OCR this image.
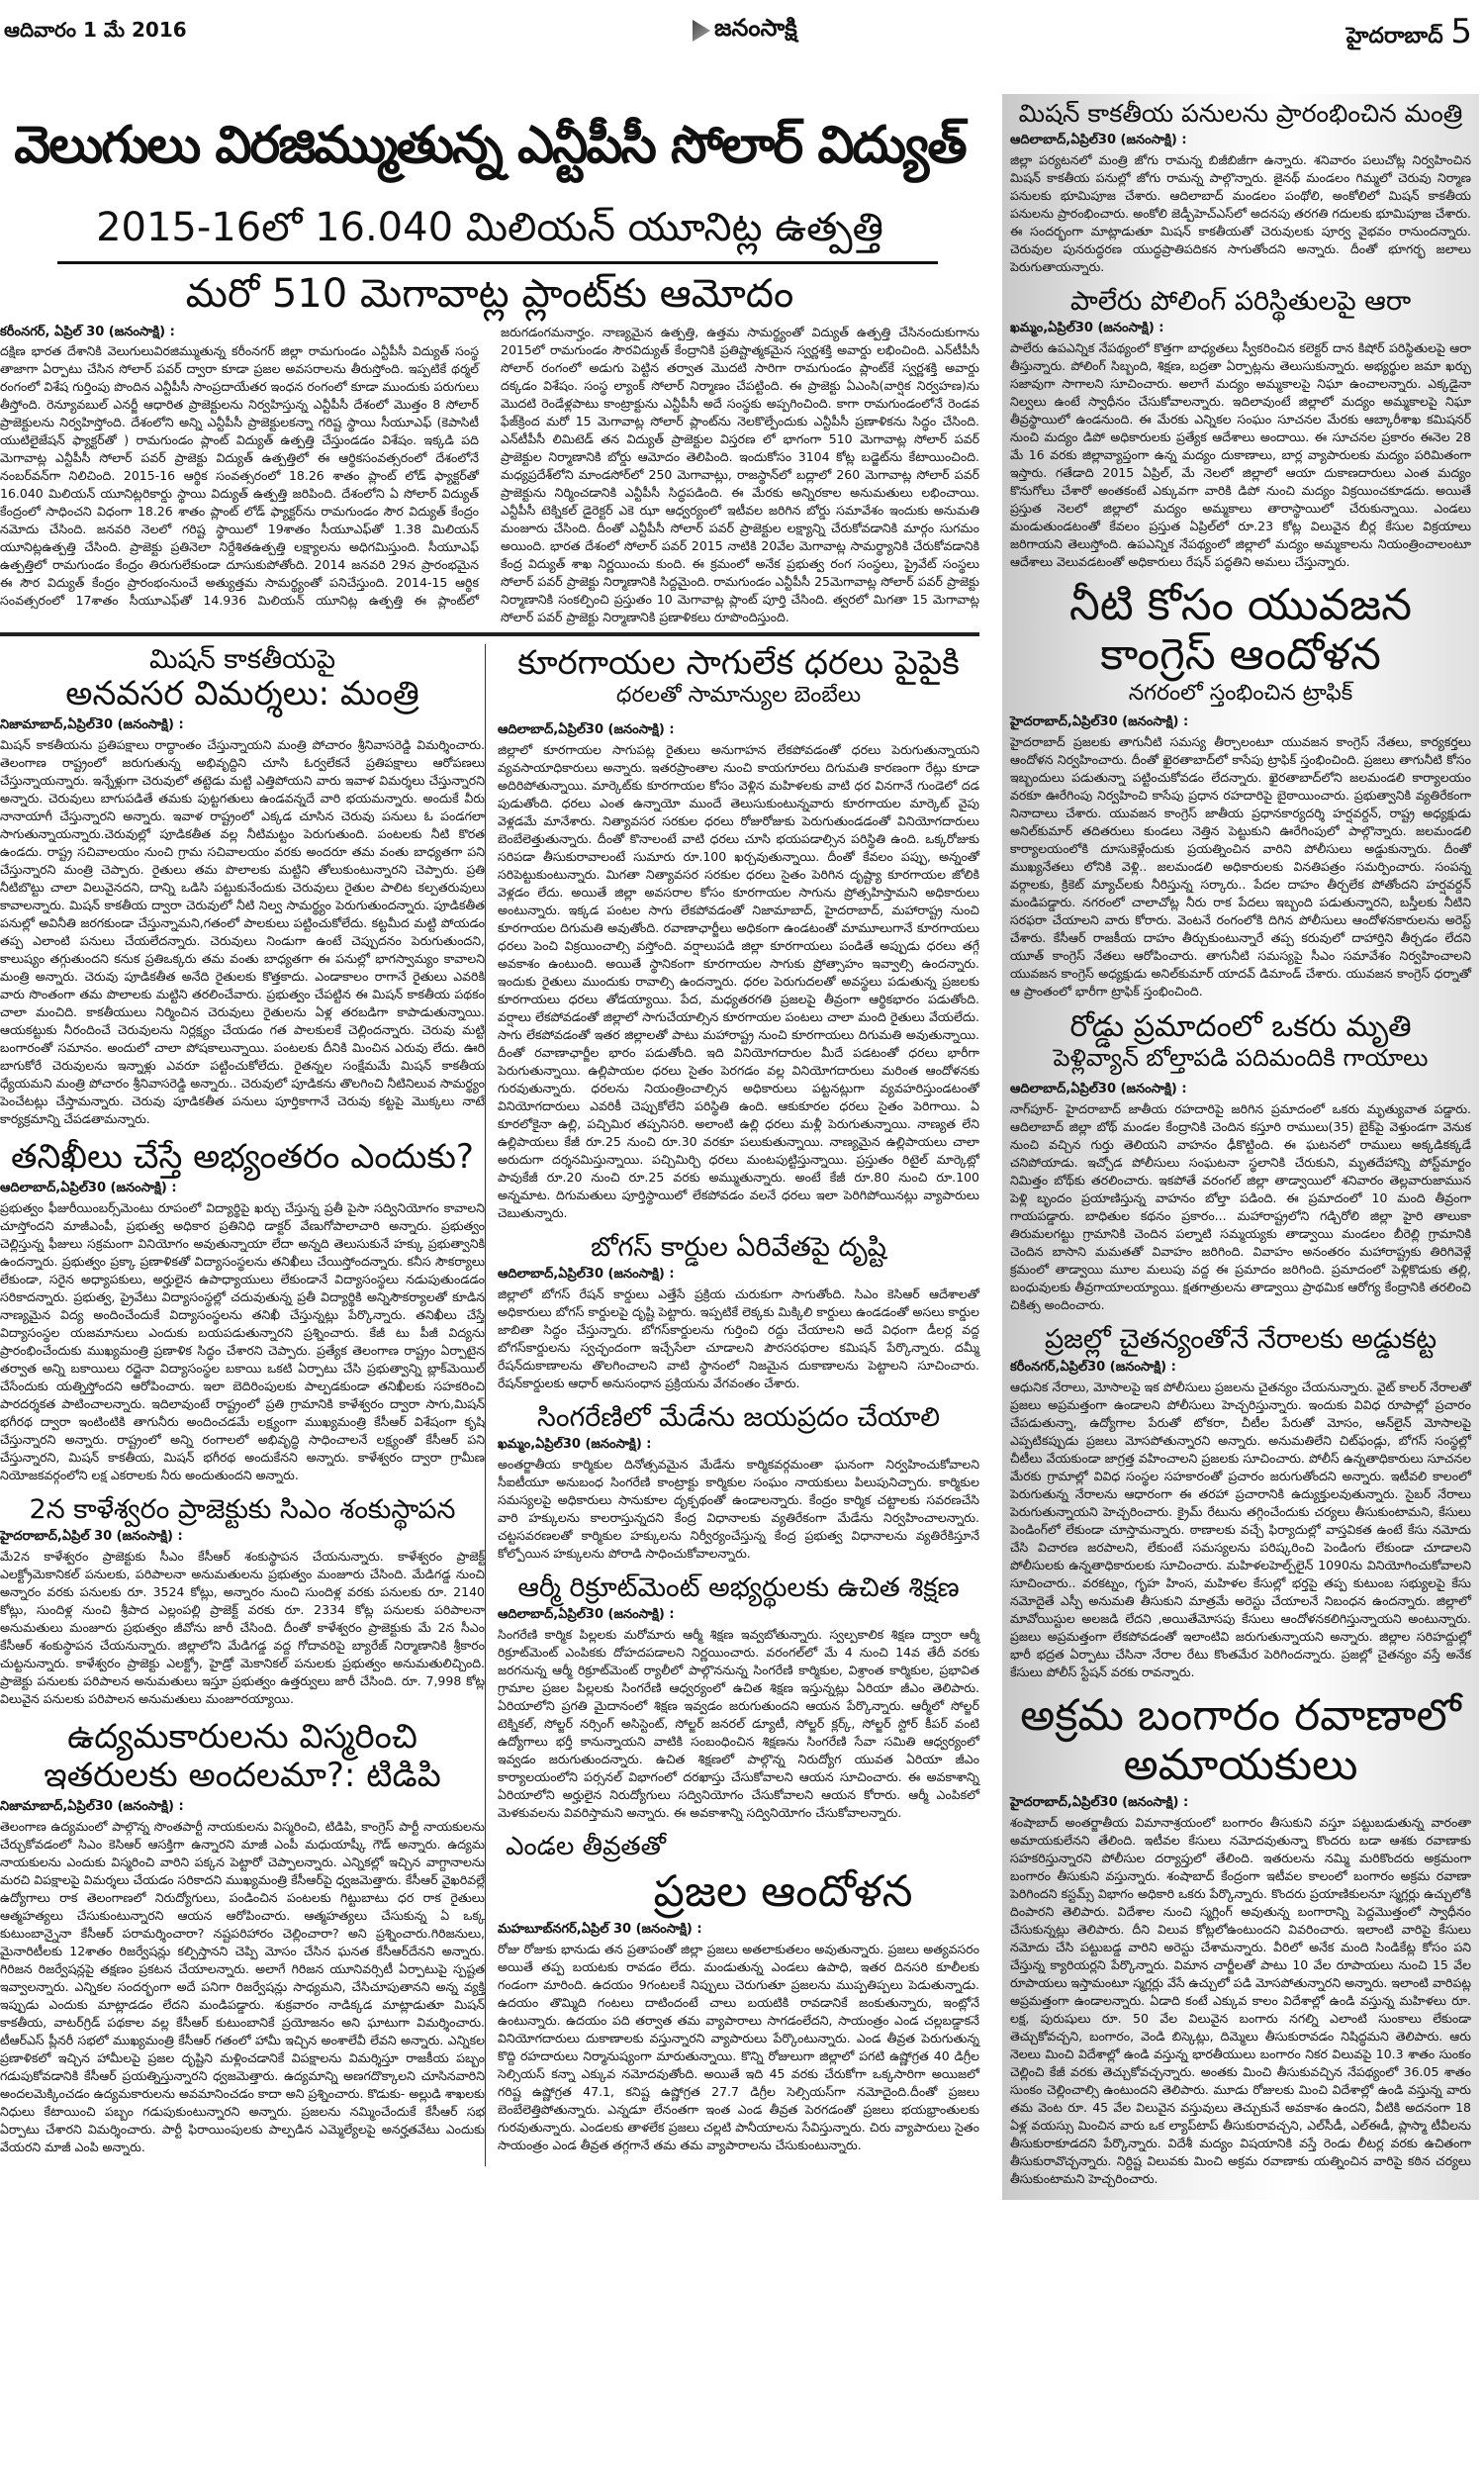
ఆదివారం 1 మే 2016	జనంసాక్షి	హైదరాబాద్ 5
వెలుగులు విరజిమ్ముతున్న ఎన్టీపీసీ సోలార్ విద్యుత్
2015-16లో 16.040 మిలియన్ యూనిట్ల ఉత్పత్తి
మరో 510 మెగావాట్ల ప్లాంట్‌కు ఆమోదం
కరీంనగర్, ఏప్రిల్ 30 (జనంసాక్షి) :
దక్షిణ భారత దేశానికి వెలుగులువిరజిమ్ముతున్న కరీంనగర్ జిల్లా రామగుండం ఎన్టీపీసీ విద్యుత్ సంస్థ తాజాగా ఏర్పాటు చేసిన సోలార్ పవర్ ద్వారా కూడా ప్రజల అవసరాలను తీరుస్తోంది. ఇప్పటికే థర్మల్ రంగంలో విశేష గుర్తింపు పొందిన ఎన్టీపీసీ సాంప్రదాయేతర ఇంధన రంగంలో కూడా ముందుకు పరుగులు తీస్తోంది. రెన్యూవబుల్ ఎనర్జీ ఆధారిత ప్రాజెక్టులను నిర్వహిస్తున్న ఎన్టీపీసీ దేశంలో మొత్తం 8 సోలార్ ప్రాజెక్టులను నిర్వహిస్తోంది. దేశంలోని అన్ని ఎన్టీపీసీ ప్రాజెక్టులకన్నా గరిష్ట స్థాయి సీయూఎఫ్ (కెపాసిటీ యుటిలైజేషన్ ఫ్యాక్టర్‌తో ) రామగుండం ప్లాంట్ విద్యుత్ ఉత్పత్తి చేస్తుండడం విశేషం. ఇక్కడి పది మెగావాట్ల ఎన్టీపీసీ సోలార్ పవర్ ప్రాజెక్టు విద్యుత్ ఉత్పత్తిలో ఈ ఆర్థికసంవత్సరంలో దేశంలోనే నంబర్‌వన్‌గా నిలిచింది. 2015-16 ఆర్థిక సంవత్సరంలో 18.26 శాతం ప్లాంట్ లోడ్ ఫ్యాక్టర్‌తో 16.040 మిలియన్ యూనిట్లరికార్డు స్థాయి విద్యుత్ ఉత్పత్తి జరిపింది. దేశంలోని ఏ సోలార్ విద్యుత్ కేంద్రంలో సాధించని విధంగా 18.26 శాతం ప్లాంట్ లోడ్ ఫ్యాక్టర్‌ను రామగుండం సౌర విద్యుత్ కేంద్రం నమోదు చేసింది. జనవరి నెలలో గరిష్ట స్థాయిలో 19శాతం సీయూఎఫ్‌తో 1.38 మిలియన్ యూనిట్లఉత్పత్తి చేసింది. ప్రాజెక్టు ప్రతినెలా నిర్దేశితఉత్పత్తి లక్ష్యాలను అధిగమిస్తుంది. సీయూఎఫ్ ఉత్పత్తిలో రామగుండం కేంద్రం తిరుగులేకుండా దూసుకుపోతోంది. 2014 జనవరి 29న ప్రారంభమైన ఈ సౌర విద్యుత్ కేంద్రం ప్రారంభంనుంచే అత్యుత్తమ సామర్థ్యంతో పనిచేస్తుంది. 2014-15 ఆర్థిక సంవత్సరంలో 17శాతం సీయూఎఫ్‌తో 14.936 మిలియన్ యూనిట్ల ఉత్పత్తి ఈ ప్లాంట్‌లో జరుగడంగమనార్హం. నాణ్యమైన ఉత్పత్తి, ఉత్తమ సామర్థ్యంతో విద్యుత్ ఉత్పత్తి చేసినందుకుగాను 2015లో రామగుండం సౌరవిద్యుత్ కేంద్రానికి ప్రతిష్టాత్మకమైన స్వర్ణశక్తి అవార్డు లభించింది. ఎన్‌టీపీసీ సోలార్ రంగంలో అడుగు పెట్టిన తర్వాత మొదటి సారిగా రామగుండం ప్లాంట్‌కే స్వర్ణశక్తి అవార్డు దక్కడం విశేషం. సంస్థ ల్యాంక్ సోలార్ నిర్మాణం చేపట్టింది. ఈ ప్రాజెక్టు ఏఎంసి(వార్షిక నిర్వహణ)ను మొదటి రెండేళ్లపాటు కాంట్రాక్టును ఎన్టీపీసీ అదే సంస్థకు అప్పగించింది. కాగా రామగుండంలోనే రెండవ ఫేజ్‌క్రింద మరో 15 మెగావాట్ల సోలార్ ప్లాంట్‌ను నెలకొల్పేందుకు ఎన్టీపీసీ ప్రణాళికను సిద్ధం చేసింది. ఎన్‌టీపీసీ లిమిటెడ్ తన విద్యుత్ ప్రాజెక్టుల విస్తరణ లో భాగంగా 510 మెగావాట్ల సోలార్ పవర్ ప్రాజెక్టుల నిర్మాణానికి బోర్డు ఆమోదం తెలిపింది. ఇందుకోసం 3104 కోట్ల బడ్జెట్‌ను కేటాయించింది. మధ్యప్రదేశ్‌లోని మాండసోర్‌లో 250 మెగావాట్లు, రాజస్థాన్‌లో బద్లాలో 260 మెగావాట్ల సోలార్ పవర్ ప్రాజెక్టును నిర్మించడానికి ఎన్టీపీసీ సిద్ధపడింది. ఈ మేరకు అన్నిరకాల అనుమతులు లభించాయి. ఎన్టీపీసీ టెక్నికల్ డైరెక్టర్ ఎకె ఝా ఆధ్వర్యంలో ఇటీవల జరిగిన బోర్డు సమావేశం ఇందుకు అనుమతి మంజూరు చేసింది. దీంతో ఎన్టీపీసీ సోలార్ పవర్ ప్రాజెక్టుల లక్ష్యాన్ని చేరుకోవడానికి మార్గం సుగమం అయింది. భారత దేశంలో సోలార్ పవర్ 2015 నాటికి 20వేల మెగావాట్ల సామర్థ్యానికి చేరుకోవడానికి కేంద్ర విద్యుత్ శాఖ నిర్ణయించు కుంది. ఈ క్రమంలో అనేక ప్రభుత్వ రంగ సంస్థలు, ప్రైవేట్ సంస్థలు సోలార్ పవర్ ప్రాజెక్టు నిర్మాణానికి సిద్దమైంది. రామగుండం ఎన్టీపీసీ 25మెగావాట్ల సోలార్ పవర్ ప్రాజెక్టు నిర్మాణానికి సంకల్పించి ప్రస్తుతం 10 మెగావాట్ల ప్లాంట్ పూర్తి చేసింది. త్వరలో మిగతా 15 మెగావాట్ల సోలార్ పవర్ ప్రాజెక్టు నిర్మాణానికి ప్రణాళికలు రూపొందిస్తుంది.
మిషన్ కాకతీయపై
అనవసర విమర్శలు: మంత్రి
నిజామాబాద్,ఏప్రిల్30 (జనంసాక్షి) :
మిషన్ కాకతీయను ప్రతిపక్షాలు రాద్ధాంతం చేస్తున్నాయని మంత్రి పోచారం శ్రీనివాసరెడ్డి విమర్శించారు. తెలంగాణ రాష్ట్రంలో జరుగుతున్న అభివృద్దిని చూసి ఓర్వలేకనే ప్రతిపక్షాలు ఆరోపణలు చేస్తున్నాయన్నారు. ఇన్నేళ్లుగా చెరువులో తట్టెడు మట్టి ఎత్తిపోయని వారు ఇవాళ విమర్శలు చేస్తున్నారని అన్నారు. చెరువులు బాగుపడితే తమకు పుట్టగతులు ఉండవన్నదే వారి భయమన్నారు. అందుకే వీరు నానాయాగీ చేస్తున్నారని అన్నారు. ఇవాళ రాష్ట్రంలో ఎక్కడ చూసిన చెరువు పనులు ఓ పండగలా సాగుతున్నాయన్నారు.చెరువుల్లో పూడికతీత వల్ల నీటిమట్టం పెరుగుతుంది. పంటలకు నీటి కొరత ఉండదు. రాష్ట్ర సచివాలయం నుంచి గ్రామ సచివాలయం వరకు అందరూ తమ వంతు బాధ్యతగా పని చేస్తున్నారని మంత్రి చెప్పారు. రైతులు తమ పొలాలకు మట్టిని తోలుకుంటున్నారని చెప్పారు. ప్రతి నీటిబొట్టు చాలా విలువైనదని, దాన్ని ఒడిసి పట్టుకునేందుకు చెరువులు రైతుల పాలిట కల్పతరువులు కావాలన్నారు. మిషన్ కాకతీయ ద్వారా చెరువులో నీటి నిల్వ సామర్థ్యం పెరుగుతుందన్నారు. పూడికతీత పనుల్లో అవినీతి జరగకుండా చేస్తున్నామని,గతంలో పాలకులు పట్టించుకోలేదు. కట్టమీద మట్టి పోయడం తప్ప ఎలాంటి పనులు చేయలేదన్నారు. చెరువులు నిండుగా ఉంటే చెప్పుదనం పెరుగుతుందని, కాలుష్యం తగ్గుతుందని కనుక ప్రతిఒక్కరు తమ వంతు బాధ్యతగా ఈ పనుల్లో భాగస్వామ్యం కావాలని మంత్రి అన్నారు. చెరువు పూడికతీత అనేది రైతులకు కొత్తకాదు. ఎండాకాలం రాగానే రైతులు ఎవరికి వారు సొంతంగా తమ పొలాలకు మట్టిని తరలించేవారు. ప్రభుత్వం చేపట్టిన ఈ మిషన్ కాకతీయ పథకం చాలా మంచిది. కాకతీయులు నిర్మించిన చెరువులు రైతులను ఏళ్ల తరబడిగా కాపాడుతున్నాయి. ఆయకట్టుకు నీరందించే చెరువులను నిర్లక్ష్యం చేయడం గత పాలకులకే చెల్లిందన్నారు. చెరువు మట్టి బంగారంతో సమానం. అందులో చాలా పోషకాలున్నాయి. పంటలకు దీనికి మించిన ఎరువు లేదు. ఊరి బాగుకోరే చెరువులను ఇన్నాళ్లు ఎవరూ పట్టించుకోలేదు. రైతన్నల సంక్షేమమే మిషన్ కాకతీయ ధ్యేయమని మంత్రి పోచారం శ్రీనివాసరెడ్డి అన్నారు.. చెరువులో పూడికను తొలగించి నీటినిలువ సామర్థ్యం పెంచేటట్లు చేస్తామన్నారు. చెరువు పూడికతీత పనులు పూర్తికాగానే చెరువు కట్టపై మొక్కలు నాటే కార్యక్రమాన్ని చేపడతామన్నారు.
తనిఖీలు చేస్తే అభ్యంతరం ఎందుకు?
ఆదిలాబాద్,ఏప్రిల్30 (జనంసాక్షి) :
ప్రభుత్వం ఫీజురీయింబర్స్‌మెంటు రూపంలో విద్యార్థిపై ఖర్చు చేస్తున్న ప్రతీ పైసా సద్వినియోగం కావాలని చూస్తోందని మాజీఎంపీ, ప్రభుత్వ అధికార ప్రతినిధి డాక్టర్ వేణుగోపాలాచారి అన్నారు. ప్రభుత్వం చెల్లిస్తున్న ఫీజులు సక్రమంగా వినియోగం అవుతున్నాయా లేదా అన్నది తెలుసుకునే హక్కు ప్రభుత్వానికి ఉందన్నారు. ప్రభుత్వం ప్రక్కా ప్రణాళికతో విద్యాసంస్థలను తనిఖీలు చేయిస్తోందన్నారు. కనీస సౌకర్యాలు లేకుండా, సరైన అధ్యాపకులు, అర్హులైన ఉపాధ్యాయులు లేకుండానే విద్యాసంస్థలు నడుపుతుండడం సరికాదన్నారు. ప్రభుత్వ, ప్రైవేటు విద్యాసంస్థల్లో చదువుతున్న ప్రతీ విద్యార్థికి అన్నిసౌకర్యాలతో కూడిన నాణ్యమైన విద్య అందించేందుకే విద్యాసంస్థలను తనిఖీ చేస్తున్నట్లు పేర్కొన్నారు. తనిఖీలు చేస్తే విద్యాసంస్థల యజమానులు ఎందుకు బయపడుతున్నారని ప్రశ్నించారు. కేజీ టు పీజీ విద్యను ప్రారంభించేందుకు ముఖ్యమంత్రి ప్రణాళిక సిద్ధం చేశారని చెప్పారు. ప్రత్యేక తెలంగాణ రాష్ట్రం ఏర్పాటైన తర్వాత అన్ని బకాయిలు రద్దైనా విద్యాసంస్థల బకాయి ఒకటి ఏర్పాటు చేసి ప్రభుత్వాన్ని బ్లాక్‌మెయిల్ చేసేందుకు యత్నిస్తోందని ఆరోపించారు. ఇలా బెదిరింపులకు పాల్పడకుండా తనిఖీలకు సహకరించి పారదర్శకత పాటించాలన్నారు. ఇదిలావుంటే రాష్ట్రంలో ప్రతి గ్రామానికి కాళేశ్వరం ద్వారా సాగు,మిషన్ భగీరథ ద్వారా ఇంటింటికి తాగునీరు అందించడమే లక్ష్యంగా ముఖ్యమంత్రి కేసీఆర్ విశేషంగా కృషి చేస్తున్నారని అన్నారు. రాష్ట్రంలో అన్ని రంగాలలో అభివృద్ధి సాధించాలనే లక్ష్యంతో కేసీఆర్ పని చేస్తున్నారని, మిషన్ కాకతీయ, మిషన్ భగీరథ అందుకేనని అన్నారు. కాళేశ్వరం ద్వారా గ్రామీణ నియోజకవర్గంలోని లక్ష ఎకరాలకు నీరు అందుతుందని అన్నారు.
2న కాళేశ్వరం ప్రాజెక్టుకు సిఎం శంకుస్థాపన
హైదరాబాద్,ఏప్రిల్ 30 (జనంసాక్షి) :
మే2న కాళేశ్వరం ప్రాజెక్టుకు సీఎం కేసీఆర్ శంకుస్థాపన చేయనున్నారు. కాళేశ్వరం ప్రాజెక్ట్ ఎలక్ట్రోమెకానికల్ పనులకు, పరిపాలనా అనుమతులను ప్రభుత్వం మంజూరు చేసింది. మేడిగడ్డ నుంచి అన్నారం వరకు పనులకు రూ. 3524 కోట్లు, అన్నారం నుంచి సుందిళ్ల వరకు పనులకు రూ. 2140 కోట్లు, సుందిళ్ల నుంచి శ్రీపాద ఎల్లంపల్లి ప్రాజెక్ట్ వరకు రూ. 2334 కోట్ల పనులకు పరిపాలనా అనుమతులు మంజూరు ప్రభుత్వం జీవోను జారీ చేసింది. దీంతో కాళేశ్వరం ప్రాజెక్టుకు మే 2న సీఎం కేసీఆర్ శంకుస్థాపన చేయనున్నారు. జిల్లాలోని మేడిగడ్డ వద్ద గోదావరిపై బ్యారేజ్ నిర్మాణానికి శ్రీకారం చుట్టనున్నారు. కాళేశ్వరం ప్రాజెక్టు ఎలక్ట్రో, హైడ్రో మెకానికల్ పనులకు ప్రభుత్వం అనుమతులిచ్చింది. ప్రాజెక్టు పనులకు పరిపాలన అనుమతులు ఇస్తూ ప్రభుత్వం ఉత్తర్వులు జారీ చేసింది. రూ. 7,998 కోట్ల విలువైన పనులకు పరిపాలన అనుమతులు మంజూరయ్యాయి.
ఉద్యమకారులను విస్మరించి ఇతరులకు అందలమా?: టిడిపి
నిజామాబాద్,ఏప్రిల్30 (జనంసాక్షి) :
తెలంగాణ ఉద్యమంలో పాల్గొన్న సొంతపార్టీ నాయకులను విస్మరించి, టిడిపి, కాంగ్రెస్ పార్టీ నాయకులను చేర్చుకోవడంలో సిఎం కెసిఆర్ ఆసక్తిగా ఉన్నారని మాజీ ఎంపీ మధుయాష్కీ గౌడ్ అన్నారు. ఉద్యమ నాయకులను ఎందుకు విస్మరించి వారిని పక్కన పెట్టారో చెప్పాలన్నారు. ఎన్నికల్లో ఇచ్చిన వాగ్దానాలను మరచి విపక్షాలపై విమర్శలు చేయడం సరికాదని ముఖ్యమంత్రి కేసీఆర్‌పై ధ్వజమెత్తారు. కేసీఆర్ వైఖరివల్లే ఉద్యోగాలు రాక తెలంగాణలో నిరుద్యోగులు, పండించిన పంటలకు గిట్టుబాటు ధర రాక రైతులు ఆత్మహత్యలు చేసుకుంటున్నారని ఆయన ఆరోపించారు. ఆత్మహత్యలు చేసుకున్న ఏ ఒక్క కుటుంబాన్నైనా కేసీఆర్ పరామర్శించారా? నష్టపరిహారం చెల్లించారా? అని ప్రశ్నించారు.గిరిజనులు, మైనారిటీలకు 12శాతం రిజర్వేషన్లు కల్పిస్తానని చెప్పి మోసం చేసిన ఘనత కేసీఆర్‌దేనని అన్నారు. గిరిజన రిజర్వేషన్లపై తక్షణం ప్రకటన చేయాలన్నారు. అలాగే గిరిజన యూనివర్సిటీ ఏర్పాటుపై స్పష్టత ఇవ్వాలన్నారు. ఎన్నికల సందర్భంగా అదే పనిగా రిజర్వేషన్లు సాధ్యమని, చేసిచూపుతానని అన్న వ్యక్తి ఇప్పుడు ఎందుకు మాట్లాడడం లేదని మండిపడ్డారు. శుక్రవారం నాడిక్కడ మాట్లాడుతూ మిషన్ కాకతీయ, వాటర్‌గ్రిడ్ పథకాల వల్ల కేసీఆర్ కుటుంబానికే ప్రయోజనం అని ఘాటుగా విమర్శించారు. టీఆర్‌ఎస్ ప్లీనరీ సభలో ముఖ్యమంత్రి కేసీఆర్ గతంలో హామీ ఇచ్చిన అంశాలేవీ లేవని అన్నారు. ఎన్నికల ప్రణాళికలో ఇచ్చిన హామీలపై ప్రజల దృష్టిని మళ్లించడానికే విపక్షాలను విమర్శిస్తూ రాజకీయ పబ్బం గడుపుకోవడానికి కేసీఆర్ ప్రయత్నిస్తున్నారని ధ్వజమెత్తారు. ఉద్యమాన్ని అణగదొక్కాలని చూసినవారిని అందలమెక్కించడం ఉద్యమకారులను అవమానించడం కాదా అని ప్రశ్నించారు. కొడుకు- అల్లుడి శాఖలకు నిధులు కేటాయించి పబ్బం గడుపుకుంటున్నారని అన్నారు. ప్రజలను నమ్మించేందుకే కేసీఆర్ సభ ఏర్పాటు చేశారని విమర్శించారు. పార్టీ ఫిరాయింపులకు పాల్పడిన ఎమ్మెల్యేలపై అనర్హతవేటు ఎందుకు వేయరని మాజీ ఎంపి అన్నారు.
కూరగాయల సాగులేక ధరలు పైపైకి
ధరలతో సామాన్యుల బెంబేలు
ఆదిలాబాద్,ఏప్రిల్30 (జనంసాక్షి) :
జిల్లాలో కూరగాయల సాగుపట్ల రైతులు అనుగాహన లేకపోవడంతో ధరలు పెరుగుతున్నాయని వ్యవసాయాధికారులు అన్నారు. ఇతరప్రాంతాల నుంచి కాయగూరలు దిగుమతి కారణంగా రేట్లు కూడా అదిరిపోతున్నాయి. మార్కెట్‌కు కూరగాయల కోసం వెళ్లిన మహిళలకు వాటి ధర వినగానే గుండెలో దడ పుడుతోంది. ధరలు ఎంత ఉన్నాయో ముందే తెలుసుకుంటున్నవారు కూరగాయల మార్కెట్ వైపు వెళ్లడమే మానేశారు. నిత్యావసర సరకుల ధరలు రోజురోజుకు పెరుగుతుండడంతో వినియోగదారులు బెంబేలెత్తుతున్నారు. దీంతో కొనాలంటే వాటి ధరలు చూసి భయపడాల్సిన పరిస్థితి ఉంది. ఒక్కరోజుకు సరిపడా తీసుకురావాలంటే సుమారు రూ.100 ఖర్చవుతున్నాయి. దీంతో కేవలం పప్పు, అన్నంతో సరిపెట్టుకుంటున్నారు. మిగతా నిత్యావసర సరకుల ధరలు సైతం పెరిగిన దృష్ట్యా కూరగాయల జోలికి వెళ్లడం లేదు. అయితే జిల్లా అవసరాల కోసం కూరగాయల సాగును ప్రోత్సహిస్తామని అధికారులు అంటున్నారు. ఇక్కడ పంటల సాగు లేకపోవడంతో నిజామాబాద్, హైదరాబాద్, మహారాష్ట్ర నుంచి కూరగాయల దిగుమతి అవుతోంది. రవాణాఛార్జీలు అధికంగా ఉండటంతో మామూలుగానే కూరగాయలు ధరలు పెంచి విక్రయించాల్సి వస్తోంది. వర్షాలుపడి జిల్లా కూరగాయలు పండితే అప్పుడు ధరలు తగ్గే అవకాశం ఉంటుంది. అయితే స్థానికంగా కూరగాయల సాగుకు ప్రోత్సాహం ఇవ్వాల్సి ఉందన్నారు. ఇందుకు రైతులు ముందుకు రావాల్సి ఉందన్నారు. ధరల పెరుగుదలతో అవస్థలు పడుతున్న ప్రజలకు కూరగాయలు ధరలు తోడయ్యాయి. పేద, మధ్యతరగతి ప్రజలపై తీవ్రంగా ఆర్థికభారం పడుతోంది. వర్షాలు లేకపోవడంతో జిల్లాలో సాగుచేయాల్సిన కూరగాయల పంటలు చాలా మంది రైతులు వేయలేదు. సాగు లేకపోవడంతో ఇతర జిల్లాలతో పాటు మహారాష్ట్ర నుంచి కూరగాయలు దిగుమతి అవుతున్నాయి. దీంతో రవాణాఛార్జీల భారం పడుతోంది. ఇది వినియోగదారుల మీదే పడటంతో ధరలు భారీగా పెరుగుతున్నాయి. ఉల్లిపాయల ధరలు సైతం పెరగడం వల్ల వినియోగదారులు మరింత ఆందోళనకు గురవుతున్నారు. ధరలను నియంత్రించాల్సిన అధికారులు పట్టనట్లుగా వ్యవహరిస్తుండటంతో వినియోగదారులు ఎవరికీ చెప్పుకోలేని పరిస్థితి ఉంది. ఆకుకూరల ధరలు సైతం పెరిగాయి. ఏ కూరలోకైనా ఉల్లి, పచ్చిమిర తప్పనిసరి. అలాంటి ఉల్లి ధరలు మళ్లీ పెరుగుతున్నాయి. నాణ్యత లేని ఉల్లిపాయలు కేజీ రూ.25 నుంచి రూ.30 వరకూ పలుకుతున్నాయి. నాణ్యమైన ఉల్లిపాయలు చాలా అరుదుగా దర్శనమిస్తున్నాయి. పచ్చిమిర్చి ధరలు మంటపుట్టిస్తున్నాయి. ప్రస్తుతం రిటైల్ మార్కెట్లో పావుకేజీ రూ.20 నుంచి రూ.25 వరకు అమ్ముతున్నారు. అంటే కేజీ రూ.80 నుంచి రూ.100 అన్నమాట. దిగుమతులు పూర్తిస్థాయిలో లేకపోవడం వలనే ధరలు ఇలా పెరిగిపోయినట్లు వ్యాపారులు చెబుతున్నారు.
బోగస్ కార్డుల ఏరివేతపై దృష్టి
ఆదిలాబాద్,ఏప్రిల్30 (జనంసాక్షి) :
జిల్లాలో బోగస్ రేషన్ కార్డులు ఎత్తేసే ప్రక్రియ చురుకుగా సాగుతోంది. సిఎం కెసిఆర్ ఆదేశాలతో అధికారులు బోగస్ కార్డులపై దృష్టి పెట్టారు. ఇప్పటికే లెక్కకు మిక్కిలి కార్డులు ఉండడంతో అసలు కార్డుల జాబితా సిద్ధం చేస్తున్నారు. బోగస్‌కార్డులను గుర్తించి రద్దు చేయాలని అదే విధంగా డీలర్ల వద్ద బోగస్‌కార్డులను స్వచ్ఛందంగా ఇచ్చేసేలా చూడాలని పౌరసరఫరాల కమిషన్ పేర్కొన్నారు. దమ్మీ రేషన్‌దుకాణాలను తొలగించాలని వాటి స్థానంలో నిజమైన దుకాణాలను పెట్టాలని సూచించారు. రేషన్‌కార్డులకు ఆధార్ అనుసంధాన ప్రక్రియను వేగవంతం చేశారు.
సింగరేణిలో మేడేను జయప్రదం చేయాలి
ఖమ్మం,ఏప్రిల్30 (జనంసాక్షి) :
అంతర్జాతీయ కార్మికుల దినోత్సవమైన మేడేను కార్మికవర్గమంతా ఘనంగా నిర్వహించుకోవాలని సీఐటీయూ అనుబంధ సింగరేణి కాంట్రాక్టు కార్మికుల సంఘం నాయకులు పిలుపునిచ్చారు. కార్మికుల సమస్యలపై అధికారులు సానుకూల దృక్పథంతో ఉండాలన్నారు. కేంద్రం కార్మిక చట్టాలకు సవరణచేసి వారి హక్కులను కాలరాస్తున్నదని కేంద్ర విధానాలకు వ్యతిరేకంగా మేడేను నిర్వహించాలన్నారు. చట్టసవరణలతో కార్మికుల హక్కులను నిర్వీర్యంచేస్తున్న కేంద్ర ప్రభుత్వ విధానాలను వ్యతిరేకిస్తూనే కోల్పోయిన హక్కులను పోరాడి సాధించుకోవాలన్నారు.
ఆర్మీ రిక్రూట్‌మెంట్ అభ్యర్థులకు ఉచిత శిక్షణ
ఆదిలాబాద్,ఏప్రిల్30 (జనంసాక్షి) :
సింగరేణి కార్మిక పిల్లలకు మరోమారు ఆర్మీ శిక్షణ ఇవ్వబోతున్నారు. స్వల్పకాలిక శిక్షణ ద్వారా ఆర్మీ రిక్రూట్‌మెంట్ ఎంపికకు దోహదపడాలని నిర్ణయించారు. వరంగల్‌లో మే 4 నుంచి 14వ తేదీ వరకు జరగనున్న ఆర్మీ రిక్రూట్‌మెంట్ ర్యాలీలో పాల్గొననున్న సింగరేణి కార్మికుల, విశ్రాంత కార్మికుల, ప్రభావిత గ్రామాల ప్రజల పిల్లలకు సింగరేణి ఆధ్వర్యంలో ఉచిత శిక్షణ ఇస్తున్నట్లు ఏరియా జీఎం తెలిపారు. ఏరియాలోని ప్రగతి మైదానంలో శిక్షణ ఇవ్వడం జరుగుతుందని ఆయన పేర్కొన్నారు. ఆర్మీలో సోల్జర్ టెక్నికల్, సోల్జర్ నర్సింగ్ అసిస్టెంట్, సోల్జర్ జనరల్ డ్యూటీ, సోల్జర్ క్లర్క్, సోల్జర్ స్టోర్ కీపర్ వంటి ఉద్యోగాలు భర్తీ కానున్నాయని వాటికి సంబంధించిన శిక్షణను సింగరేణి సేవా సమితి ఆధ్వర్యంలో ఇవ్వడం జరుగుతుందన్నారు. ఉచిత శిక్షణలో పాల్గొన్న నిరుద్యోగ యువత ఏరియా జీఎం కార్యాలయంలోని పర్సనల్ విభాగంలో దరఖాస్తు చేసుకోవాలని ఆయన సూచించారు. ఈ అవకాశాన్ని ఏరియాలోని అర్హులైన నిరుద్యోగులు సద్వినియోగం చేసుకోవాలని ఆయన కోరారు. ఆర్మీ ఎంపికలో మెళకువలను వివరిస్తామని అన్నారు. ఈ అవకాశాన్ని సద్వినియోగం చేసుకోవాలన్నారు.
ఎండల తీవ్రతతో
ప్రజల ఆందోళన
మహబూబ్‌నగర్,ఏప్రిల్ 30 (జనంసాక్షి) :
రోజు రోజుకు భానుడు తన ప్రతాపంతో జిల్లా ప్రజలు అతలాకుతలం అవుతున్నారు. ప్రజలు అత్యవసరం అయితే తప్ప బయటకు రావడం లేదు. మండుతున్న ఎండలు ఉపాధి, ఇతర దినసరి కూలీలకు గండంగా మారింది. ఉదయం 9గంటలకే నిప్పులు చెరుగుతూ ప్రజలను ముప్పతిప్పలు పెడుతున్నాడు. ఉదయం తొమ్మిది గంటలు దాటిందంటే చాలు బయటికి రావడానికే జంకుతున్నారు, ఇంట్లోనే ఉంటున్నారు. ఉదయం పది తర్వాత తమ వ్యాపారాలు సాగడంలేదని, సాయంత్రం ఎండ చల్లబడ్డాకనే వినియోగదారులు దుకాణాలకు వస్తున్నారని వ్యాపారులు పేర్కొంటున్నారు. ఎండ తీవ్రత పెరుగుతున్న కొద్ది రహదారులు నిర్మానుష్యంగా మారుతున్నాయి. కొన్ని రోజులుగా జిల్లాలో పగటి ఉష్ణోగ్రత 40 డిగ్రీల సెల్సియస్ కన్నా ఎక్కువ నమోదవుతోంది. అయితే ఇది 45 వరకు చేరుకోగా ఒక్కసారిగా అయిజలో గరిష్ట ఉష్ణోగ్రత 47.1, కనిష్ట ఉష్ణోగ్రత 27.7 డిగ్రీల సెల్సియస్‌గా నమోదైంది.దీంతో ప్రజలు బెంబేలెత్తిపోతున్నారు. ఎన్నడూ లేనంతగా ఇంత ఎండ తీవ్రత పెరగడంతో ప్రజలు భయభ్రాంతులకు గురవుతున్నారు. ఎండలకు తాళలేక ప్రజలు చల్లటి పానీయాలను సేవిస్తున్నారు. చిరు వ్యాపారులు సైతం సాయంత్రం ఎండ తీవ్రత తగ్గగానే తమ తమ వ్యాపారాలను చేసుకుంటున్నారు.
మిషన్ కాకతీయ పనులను ప్రారంభించిన మంత్రి
ఆదిలాబాద్,ఏప్రిల్30 (జనంసాక్షి) :
జిల్లా పర్యటనలో మంత్రి జోగు రామన్న బిజీబిజీగా ఉన్నారు. శనివారం పలుచోట్ల నిర్వహించిన మిషన్ కాకతీయ పనుల్లో జోగు రామన్న పాల్గొన్నారు. జైనథ్ మండలం గిమ్మలో చెరువు నిర్మాణ పనులకు భూమిపూజ చేశారు. ఆదిలాబాద్ మండలం పంథోలి, అంకోలిలో మిషన్ కాకతీయ పనులను ప్రారంభించారు. అంకోలి జెడ్పీహెచ్‌ఎస్‌లో అదనపు తరగతి గదులకు భూమిపూజ చేశారు. ఈ సందర్భంగా మాట్లాడుతూ మిషన్ కాకతీయతో చెరువులకు పూర్వ వైభవం రానుందన్నారు. చెరువుల పునరుద్ధరణ యుద్ధప్రాతిపదికన సాగుతోందని అన్నారు. దీంతో భూగర్భ జలాలు పెరుగుతాయన్నారు.
పాలేరు పోలింగ్ పరిస్థితులపై ఆరా
ఖమ్మం,ఏప్రిల్30 (జనంసాక్షి) :
పాలేరు ఉపఎన్నిక నేపథ్యంలో కొత్తగా బాధ్యతలు స్వీకరించిన కలెక్టర్ దాన కిషోర్ పరిస్థితులపై ఆరా తీస్తున్నారు. పోలింగ్ సిబ్బంది, శిక్షణ, బద్రతా ఏర్పాట్లను తెలుసుకున్నారు. అభ్యర్థుల జమా ఖర్చు సజావుగా సాగాలని సూచించారు. అలాగే మద్యం అమ్మకాలపై నిఘా ఉంచాలన్నారు. ఎక్కడైనా నిల్వలు ఉంటే స్వాధీనం చేసుకోవాలన్నారు. ఇదిలావుంటే జిల్లాలో మద్యం అమ్మకాలపై నిఘా తీవ్రస్థాయిలో ఉండనుంది. ఈ మేరకు ఎన్నికల సంఘం సూచనల మేరకు ఆబ్కారీశాఖ కమిషనర్ నుంచి మద్యం డిపో అధికారులకు ప్రత్యేక ఆదేశాలు అందాయి. ఈ సూచనల ప్రకారం ఈనెల 28 మే 16 వరకు జిల్లావ్యాప్తంగా ఉన్న మద్యం దుకాణాలు, బార్ల వ్యాపారులకు మద్యం పరిమితంగా ఇస్తారు. గతేడాది 2015 ఏప్రిల్, మే నెలలో జిల్లాలో ఆయా దుకాణదారులు ఎంత మద్యం కొనుగోలు చేశారో అంతకంటే ఎక్కువగా వారికి డిపో నుంచి మద్యం విక్రయించకూడదు. అయితే ప్రస్తుత నెలలో జిల్లాలో మద్యం అమ్మకాలు తారాస్థాయిలో చేరుకున్నాయి. ఎండలు మండుతుండటంతో కేవలం ప్రస్తుత ఏప్రిల్‌లో రూ.23 కోట్ల విలువైన బీర్ల కేసుల విక్రయాలు జరిగాయని తెలుస్తోంది. ఉపఎన్నిక నేపథ్యంలో జిల్లాలో మద్యం అమ్మకాలను నియంత్రించాలంటూ ఆదేశాలు వెలువడటంతో అధికారులు రేషన్ పద్ధతిని అమలు చేస్తున్నారు.
నీటి కోసం యువజన కాంగ్రెస్ ఆందోళన
నగరంలో స్తంభించిన ట్రాఫిక్
హైదరాబాద్,ఏప్రిల్30 (జనంసాక్షి) :
హైదరాబాద్ ప్రజలకు తాగునీటి సమస్య తీర్చాలంటూ యువజన కాంగ్రెస్ నేతలు, కార్యకర్తలు ఆందోళన నిర్వహించారు. దీంతో ఖైరతాబాద్‌లో కాసేపు ట్రాఫిక్ స్తంభించింది. ప్రజలు తాగునీటి కోసం ఇబ్బందులు పడుతున్నా పట్టించుకోవడం లేదన్నారు. ఖైరతాబాద్‌లోని జలమండలి కార్యాలయం వరకూ ఊరేగింపు నిర్వహించి కాసేపు ప్రధాన రహదారిపై బైఠాయించారు. ప్రభుత్వానికి వ్యతిరేకంగా నినాదాలు చేశారు. యువజన కాంగ్రెస్ జాతీయ ప్రధానకార్యదర్శి హర్షవర్దన్, రాష్ట్ర అధ్యక్షుడు అనిల్‌కుమార్ తదితరులు కుండలు నెత్తిన పెట్టుకుని ఊరేగింపులో పాల్గొన్నారు. జలమండలి కార్యాలయంలోకి దూసుకెళ్లేందుకు ప్రయత్నించిన వారిని పోలీసులు అడ్డుకున్నారు. దీంతో ముఖ్యనేతలు లోనికి వెళ్లి.. జలమండలి అధికారులకు వినతిపత్రం సమర్పించారు. సంపన్న వర్గాలకు, క్రికెట్ మ్యాచ్‌లకు నీరిస్తున్న సర్కారు.. పేదల దాహం తీర్చలేక పోతోందని హర్షవర్దన్ మండిపడ్డారు. నగరంలో చాలాచోట్ల నీరు రాక పేదలు ఇబ్బంది పడుతున్నారని, బస్తీలకు నీటిని సరఫరా చేయాలని వారు కోరారు. వెంటనే రంగంలోకి దిగిన పోలీసులు ఆందోళనకారులను అరెస్ట్ చేశారు. కేసీఆర్ రాజకీయ దాహం తీర్చుకుంటున్నారే తప్ప కరువులో దాహార్తిని తీర్చడం లేదని యూత్ కాంగ్రెస్ నేతలు ఆరోపించారు. తాగునీటి సమస్యపై సీఎం సమావేశం నిర్వహించాలని యువజన కాంగ్రెస్ అధ్యక్షుడు అనిల్‌కుమార్ యాదవ్ డిమాండ్ చేశారు. యువజన కాంగ్రెస్ ధర్నాతో ఆ ప్రాంతంలో భారీగా ట్రాఫిక్ స్తంభించింది.
రోడ్డు ప్రమాదంలో ఒకరు మృతి
పెళ్లివ్యాన్ బోల్తాపడి పదిమందికి గాయాలు
ఆదిలాబాద్,ఏప్రిల్30 (జనంసాక్షి) :
నాగ్‌పూర్- హైదరాబాద్ జాతీయ రహదారిపై జరిగిన ప్రమాదంలో ఒకరు మృత్యువాత పడ్డారు. ఆదిలాబాద్ జిల్లా బోథ్ మండల కేంద్రానికి చెందిన కస్తూరి రాములు(35) బైక్‌పై వెళ్తుండగా వెనుక నుంచి వచ్చిన గుర్తు తెలియని వాహనం ఢీకొట్టింది. ఈ ఘటనలో రాములు అక్కడికక్కడే చనిపోయాడు. ఇచ్చోడ పోలీసులు సంఘటనా స్థలానికి చేరుకుని, మృతదేహాన్ని పోస్ట్‌మార్టం నిమిత్తం బోథ్‌కు తరలించారు. ఇకపోతే వరంగల్ జిల్లా తాడ్వాయిలో శనివారం తెల్లవారుజామున పెళ్లి బృందం ప్రయాణిస్తున్న వాహనం బోల్తా పడింది. ఈ ప్రమాదంలో 10 మంది తీవ్రంగా గాయపడ్డారు. బాధితుల కథనం ప్రకారం... మహారాష్ట్రలోని గడ్చిరోలి జిల్లా హైరి తాలుకా తిరుమలగట్టు గ్రామానికి చెందిన పల్నాటి సమ్మయ్యకు తాడ్వాయి మండలం బీరెల్లి గ్రామానికి చెందిన బాసాని మమతతో వివాహం జరిగింది. వివాహం అనంతరం మహారాష్ట్రకు తిరిగివెళ్లే క్రమంలో తాడ్వాయి మూల మలుపు వద్ద ఈ ప్రమాదం జరిగింది. ప్రమాదంలో పెళ్లికొడుకు తల్లి, బంధువులకు తీవ్రగాయాలయ్యాయి. క్షతగాత్రులను తాడ్వాయి ప్రాథమిక ఆరోగ్య కేంద్రానికి తరలించి చికిత్స అందించారు.
ప్రజల్లో చైతన్యంతోనే నేరాలకు అడ్డుకట్ట
కరీంనగర్,ఏప్రిల్30 (జనంసాక్షి) :
ఆధునిక నేరాలు, మోసాలపై ఇక పోలీసులు ప్రజలను చైతన్యం చేయనున్నారు. వైట్ కాలర్ నేరాలతో ప్రజలు అప్రమత్తంగా ఉండాలని పోలీసులు హెచ్చరిస్తున్నారు. ఇందుకు వివిధ రూపాల్లో ప్రచారం చేపడుతున్నా, ఉద్యోగాల పేరుతో టోకరా, చీటీల పేరుతో మోసం, ఆన్‌లైన్ మోసాలపై ఎప్పటికప్పుడు ప్రజలు మోసపోతున్నారని అన్నారు. అనుమతిలేని చిట్‌ఫండ్లు, బోగస్ సంస్థల్లో చీటీలు వేయకుండా జాగ్రత్త వహించాలని ప్రజలకు సూచించారు. పోలీస్ ఉన్నతాధికారులు సూచనల మేరకు గ్రామాల్లో వివిధ సంస్థల సహకారంతో ప్రచారం జరుగుతోందని అన్నారు. ఇటీవలి కాలంలో పెరుగుతున్న నేరాలను ఆధారంగా ఈ తరహా ప్రచారానికి ఉద్యుక్తులవుతున్నారు. సైబర్ నేరాలు పెరుగుతున్నాయని హెచ్చరించారు. క్రైమ్ రేటును తగ్గించేందుకు చర్యలు తీసుకుంటామని, కేసులు పెండింగ్‌లో లేకుండా చూస్తామన్నారు. ఠాణాలకు వచ్చే ఫిర్యాదుల్లో వాస్తవికత ఉంటే కేసు నమోదు చేసి విచారణ జరపాలని, లేకుంటే సమస్యలను పరిష్కరించి పెండింగు లేకుండా చూడాలని పోలీసులకు ఉన్నతాధికారులకు సూచించారు. మహిళలహెల్ప్‌లైన్ 1090ను వినియోగించుకోవాలని సూచించారు.. వరకట్నం, గృహ హింస, మహిళల కేసుల్లో భర్తపై తప్ప కుటుంబ సభ్యులపై కేసు నమోదైతే ఎస్పీ అనుమతి తీసుకుని మాత్రమే అరెస్టు చేయాలనే నిబంధన ఉందన్నారు. జిల్లాలో మావోయిస్టుల అలజడి లేదని ,అయితేమోసపు కేసులు ఆందోళనకలిగిస్తున్నాయని అంటున్నారు. ప్రజలు అప్రమత్తంగా లేకపోవడంతో ఇలాంటివి జరుగుతున్నాయని అన్నారు. జిల్లాల సరిహద్దుల్లో భారీ భద్రత ఏర్పాటు చేసినా నేరాల రేటు కొంతమేర పెరిగిందన్నారు. ప్రజల్లో చైతన్యం వస్తే అనేక కేసులు పోలీస్ స్టేషన్ వరకు రావన్నారు.
అక్రమ బంగారం రవాణాలో అమాయకులు
హైదరాబాద్,ఏప్రిల్30 (జనంసాక్షి) :
శంషాబాద్ అంతర్జాతీయ విమానాశ్రయంలో బంగారం తీసుకుని వస్తూ పట్టుబడుతున్న వారంతా అమాయకులేనని తేలింది. ఇటీవల కేసులు నమోదవుతున్నా కొందరు బడా ఆశకు రవాణాకు సహకరిస్తున్నారని పోలీసుల దర్యాప్తులో తేలింది. ఇతరులను నమ్మి మరికొందరు అక్రమంగా బంగారం తీసుకుని వస్తున్నారు. శంషాబాద్ కేంద్రంగా ఇటీవల కాలంలో బంగారం అక్రమ రవాణా పెరిగిందని కస్టమ్స్ విభాగం అధికారి ఒకరు పేర్కొన్నారు. కొందరు ప్రయాణికులనూ స్మగ్లర్లు ఉచ్చులోకి దింపారని తెలిపారు. విదేశాల నుంచి స్మగ్లింగ్ అవుతున్న బంగారాన్ని పెద్దమొత్తంలో స్వాధీనం చేసుకున్నట్లు తెలిపారు. దీని విలువ కోట్లలోఉంటుందని వివరించారు. ఇలాంటి వారిపై కేసులు నమోదు చేసి పట్టుబడ్డ వారిని అరెస్టు చేశామన్నారు. వీరిలో అనేక మంది సిండికేట్ల కోసం పని చేస్తున్న క్యారియర్లని పేర్కొన్నారు. విమాన చార్జీలతో పాటు 10 వేల రూపాయలు నుంచి 15 వేల రూపాయలు ఇస్తామంటూ స్మగ్లర్లు వేసే ఉచ్చులో పడి మోసపోతున్నారని అన్నారు. ఇలాంటి వారిపట్ల అప్రమత్తంగా ఉండాలన్నారు. ఏడాది కంటే ఎక్కువ కాలం విదేశాల్లో ఉండి వస్తున్న మహిళలు రూ. లక్ష, పురుషులు రూ. 50 వేల విలువైన బంగారు నగల్ని ఎలాంటి సుంకాలు లేకుండా తెచ్చుకోవచ్చని, బంగారం, వెండి బిస్కెట్లు, దిమ్మెలు తీసుకురావడం నిషిద్ధమని తెలిపారు. ఆరు నెలలు మించి విదేశాల్లో ఉండి వస్తున్న భారతీయులు బంగారం నికర విలువపై 10.3 శాతం సుంకం చెల్లించి కేజీ వరకు తెచ్చుకోవచ్చన్నారు. అంతకు మించి తీసుకువచ్చిన నేపథ్యంలో 36.05 శాతం సుంకం చెల్లించాల్సి ఉంటుందని తెలిపారు. మూడు రోజులకు మించి విదేశాల్లో ఉండి వస్తున్న వారు తమ వెంట రూ. 45 వేల విలువైన వస్తువులు తెచ్చుకునే అవకాశం ఉందని, వీటికి అదనంగా 18 ఏళ్ల వయస్సు మించిన వారు ఒక ల్యాప్‌టాప్ తీసుకురావచ్చని, ఎల్‌సీడీ, ఎల్‌ఈడీ, ప్లాస్మా టీవీలను తీసుకురాకూడదని పేర్కొన్నారు. విదేశీ మద్యం విషయానికి వస్తే రెండు లీటర్ల వరకు ఉచితంగా తీసుకురావొచ్చన్నారు. నిర్దిష్ట విలువకు మించి అక్రమ రవాణాకు యత్నించిన వారిపై కఠిన చర్యలు తీసుకుంటామని హెచ్చరించారు.
